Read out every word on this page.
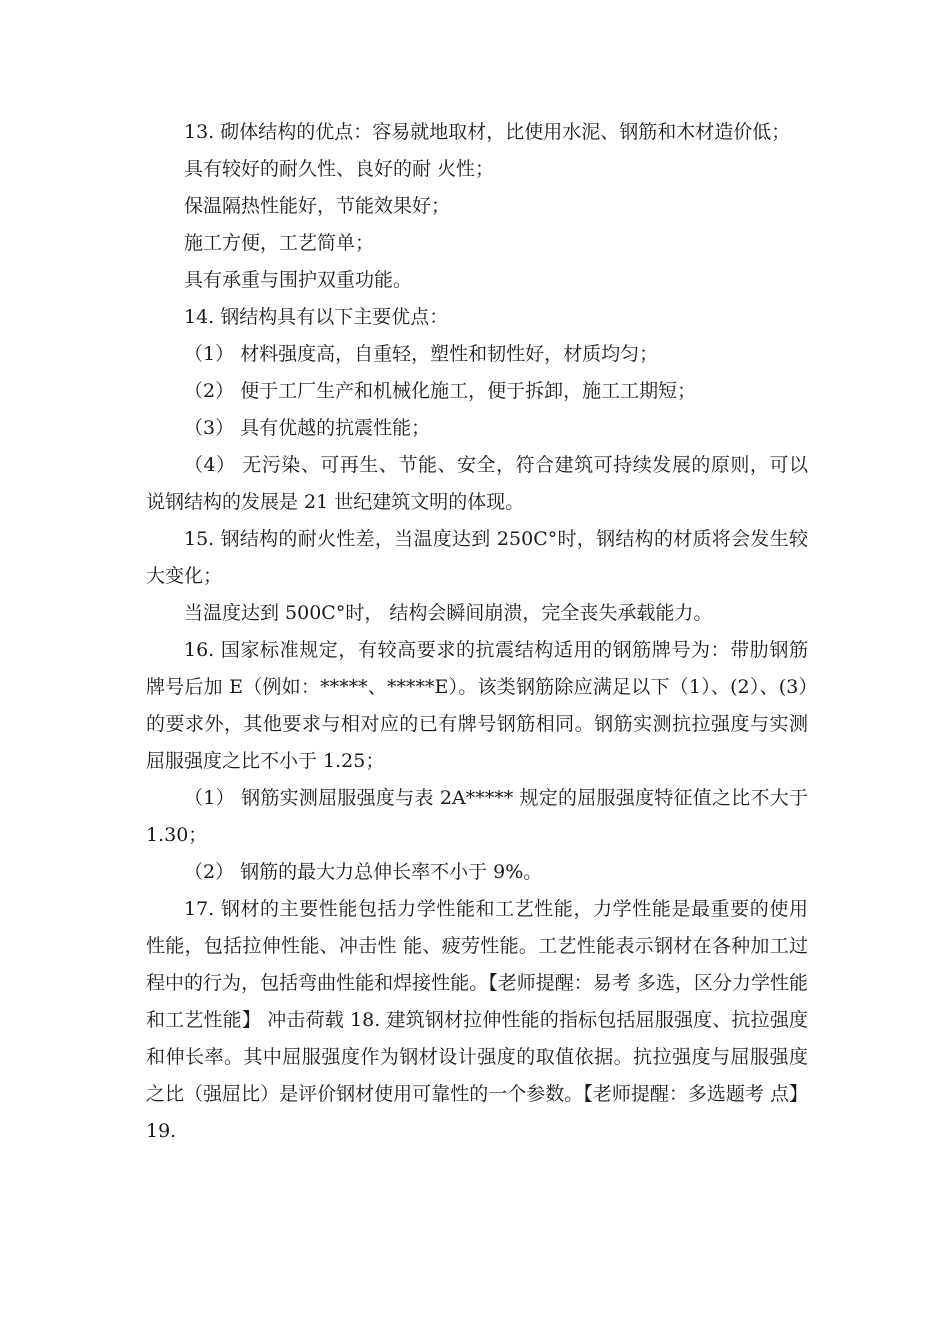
13. 砌体结构的优点：容易就地取材，比使用水泥、钢筋和木材造价低；

具有较好的耐久性、良好的耐 火性；

保温隔热性能好，节能效果好；

施工方便，工艺简单；

具有承重与围护双重功能。

14. 钢结构具有以下主要优点：

（1） 材料强度高，自重轻，塑性和韧性好，材质均匀；

（2） 便于工厂生产和机械化施工，便于拆卸，施工工期短；

（3） 具有优越的抗震性能；

（4） 无污染、可再生、节能、安全，符合建筑可持续发展的原则，可以说钢结构的发展是 21 世纪建筑文明的体现。

15. 钢结构的耐火性差，当温度达到 250C°时，钢结构的材质将会发生较大变化；

当温度达到 500C°时， 结构会瞬间崩溃，完全丧失承载能力。

16. 国家标准规定，有较高要求的抗震结构适用的钢筋牌号为：带肋钢筋牌号后加 E（例如：*****、*****E）。该类钢筋除应满足以下（1）、(2）、(3）的要求外，其他要求与相对应的已有牌号钢筋相同。钢筋实测抗拉强度与实测屈服强度之比不小于 1.25；

（1） 钢筋实测屈服强度与表 2A***** 规定的屈服强度特征值之比不大于 1.30；

（2） 钢筋的最大力总伸长率不小于 9%。

17. 钢材的主要性能包括力学性能和工艺性能，力学性能是最重要的使用性能，包括拉伸性能、冲击性 能、疲劳性能。工艺性能表示钢材在各种加工过程中的行为，包括弯曲性能和焊接性能。【老师提醒：易考 多选，区分力学性能和工艺性能】 冲击荷载 18. 建筑钢材拉伸性能的指标包括屈服强度、抗拉强度和伸长率。其中屈服强度作为钢材设计强度的取值依据。抗拉强度与屈服强度之比（强屈比）是评价钢材使用可靠性的一个参数。【老师提醒：多选题考 点】 19.
